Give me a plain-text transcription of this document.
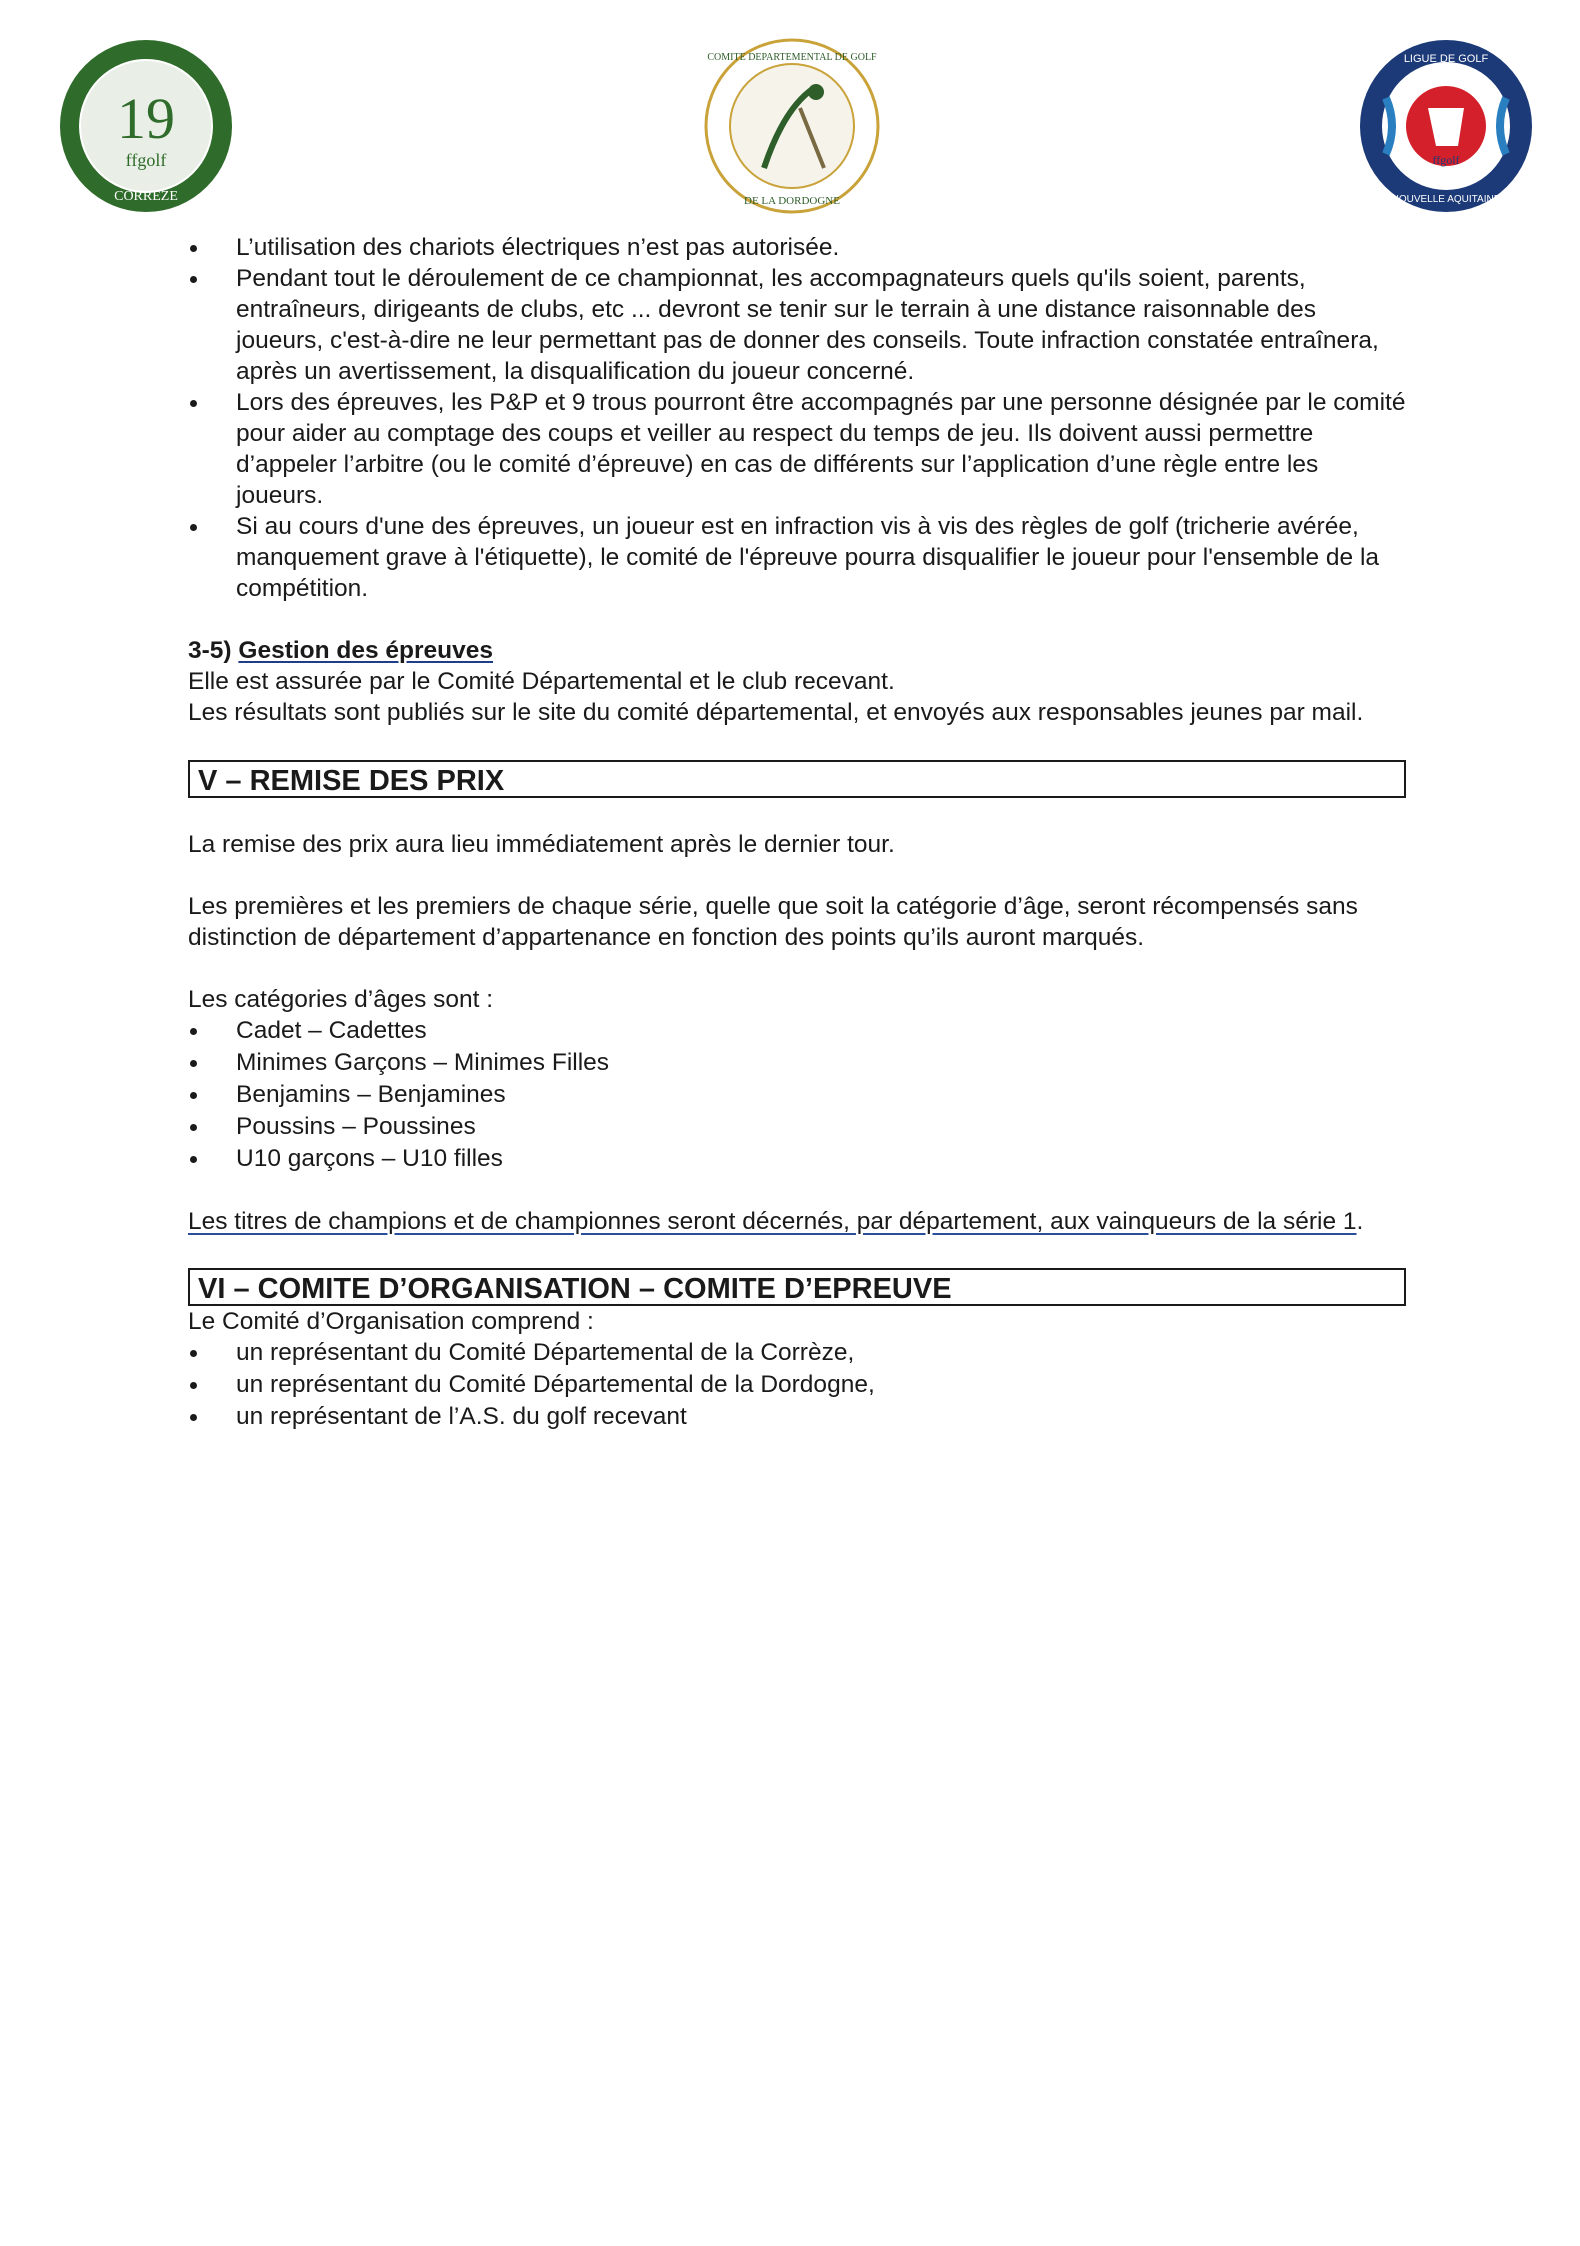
19
ffgolf
CORREZE
COMITE DEPARTEMENTAL DE GOLF
DE LA DORDOGNE
LIGUE DE GOLF
ffgolf
NOUVELLE AQUITAINE
L’utilisation des chariots électriques n’est pas autorisée.
Pendant tout le déroulement de ce championnat, les accompagnateurs quels qu'ils soient, parents, entraîneurs, dirigeants de clubs, etc ... devront se tenir sur le terrain à une distance raisonnable des joueurs, c'est-à-dire ne leur permettant pas de donner des conseils. Toute infraction constatée entraînera, après un avertissement, la disqualification du joueur concerné.
Lors des épreuves, les P&P et 9 trous pourront être accompagnés par une personne désignée par le comité pour aider au comptage des coups et veiller au respect du temps de jeu. Ils doivent aussi permettre d’appeler l’arbitre (ou le comité d’épreuve) en cas de différents sur l’application d’une règle entre les joueurs.
Si au cours d'une des épreuves, un joueur est en infraction vis à vis des règles de golf (tricherie avérée, manquement grave à l'étiquette), le comité de l'épreuve pourra disqualifier le joueur pour l'ensemble de la compétition.

3-5) Gestion des épreuves

Elle est assurée par le Comité Départemental et le club recevant.

Les résultats sont publiés sur le site du comité départemental, et envoyés aux responsables jeunes par mail.

V – REMISE DES PRIX

La remise des prix aura lieu immédiatement après le dernier tour.

Les premières et les premiers de chaque série, quelle que soit la catégorie d’âge, seront récompensés sans distinction de département d’appartenance en fonction des points qu’ils auront marqués.

Les catégories d’âges sont :

Cadet – Cadettes
Minimes Garçons – Minimes Filles
Benjamins – Benjamines
Poussins – Poussines
U10 garçons – U10 filles

Les titres de champions et de championnes seront décernés, par département, aux vainqueurs de la série 1.

VI – COMITE D’ORGANISATION – COMITE D’EPREUVE

Le Comité d’Organisation comprend :

un représentant du Comité Départemental de la Corrèze,
un représentant du Comité Départemental de la Dordogne,
un représentant de l’A.S. du golf recevant
